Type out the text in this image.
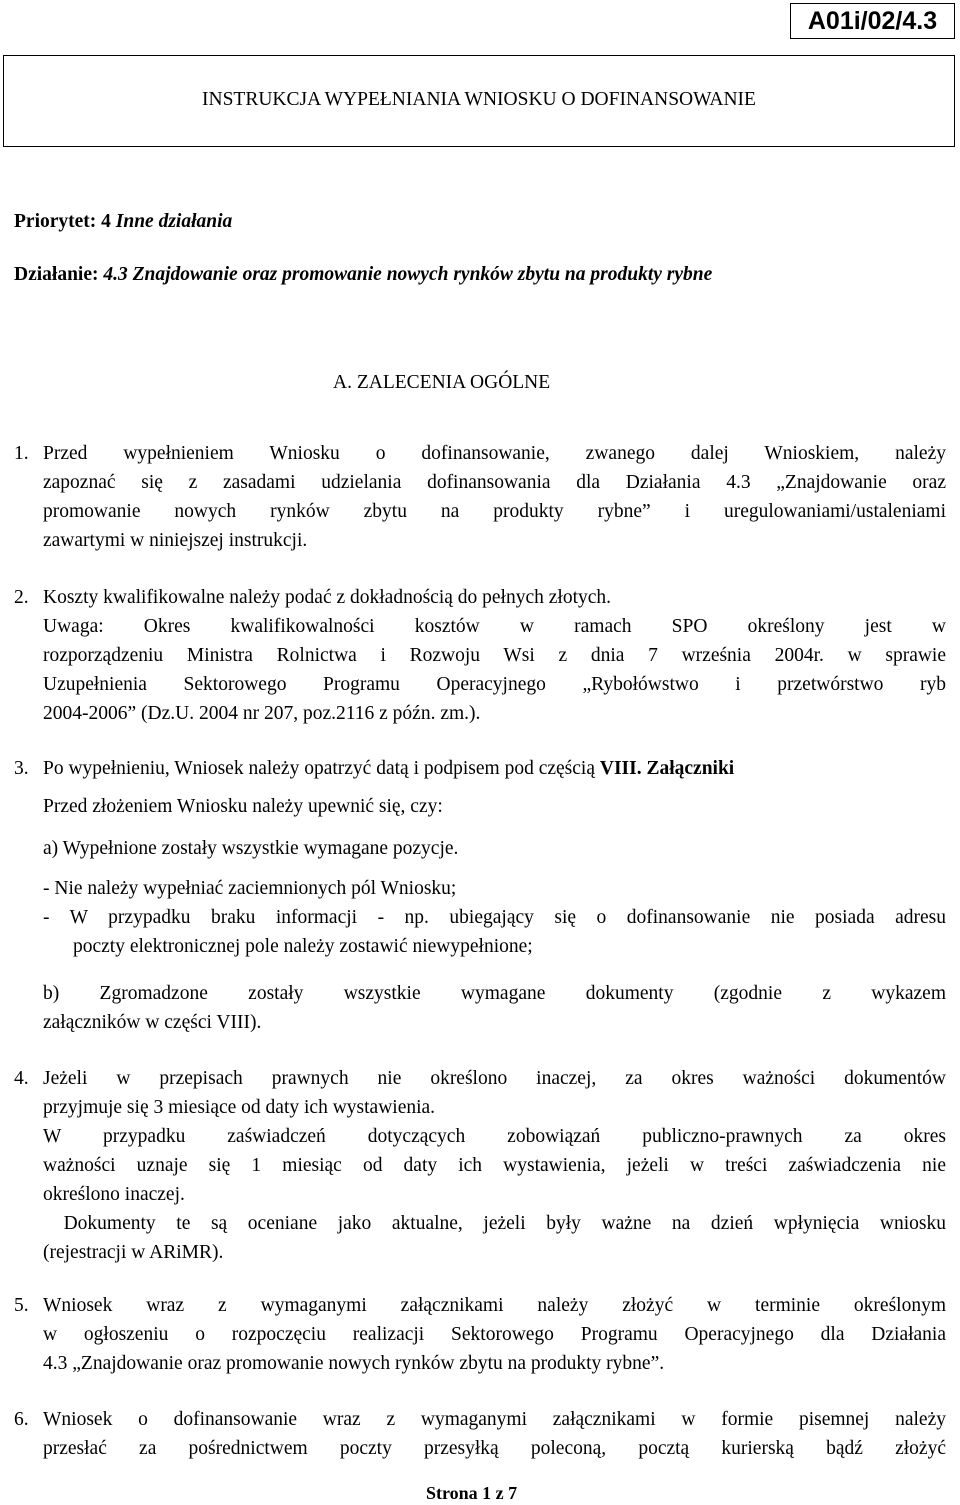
A01i/02/4.3
INSTRUKCJA WYPEŁNIANIA WNIOSKU O DOFINANSOWANIE
Priorytet: 4 Inne działania
Działanie: 4.3 Znajdowanie oraz promowanie nowych rynków zbytu na produkty rybne
A. ZALECENIA OGÓLNE
1. Przed wypełnieniem Wniosku o dofinansowanie, zwanego dalej Wnioskiem, należy
zapoznać się z zasadami udzielania dofinansowania dla Działania 4.3 „Znajdowanie oraz
promowanie nowych rynków zbytu na produkty rybne” i uregulowaniami/ustaleniami
zawartymi w niniejszej instrukcji.
2. Koszty kwalifikowalne należy podać z dokładnością do pełnych złotych.
Uwaga: Okres kwalifikowalności kosztów w ramach SPO określony jest w
rozporządzeniu Ministra Rolnictwa i Rozwoju Wsi z dnia 7 września 2004r. w sprawie
Uzupełnienia Sektorowego Programu Operacyjnego „Rybołówstwo i przetwórstwo ryb
2004-2006” (Dz.U. 2004 nr 207, poz.2116 z późn. zm.).
3. Po wypełnieniu, Wniosek należy opatrzyć datą i podpisem pod częścią VIII. Załączniki
Przed złożeniem Wniosku należy upewnić się, czy:
a) Wypełnione zostały wszystkie wymagane pozycje.
- Nie należy wypełniać zaciemnionych pól Wniosku;
- W przypadku braku informacji - np. ubiegający się o dofinansowanie nie posiada adresu
poczty elektronicznej pole należy zostawić niewypełnione;
b) Zgromadzone zostały wszystkie wymagane dokumenty (zgodnie z wykazem
załączników w części VIII).
4. Jeżeli w przepisach prawnych nie określono inaczej, za okres ważności dokumentów
przyjmuje się 3 miesiące od daty ich wystawienia.
W przypadku zaświadczeń dotyczących zobowiązań publiczno-prawnych za okres
ważności uznaje się 1 miesiąc od daty ich wystawienia, jeżeli w treści zaświadczenia nie
określono inaczej.
Dokumenty te są oceniane jako aktualne, jeżeli były ważne na dzień wpłynięcia wniosku
(rejestracji w ARiMR).
5. Wniosek wraz z wymaganymi załącznikami należy złożyć w terminie określonym
w ogłoszeniu o rozpoczęciu realizacji Sektorowego Programu Operacyjnego dla Działania
4.3 „Znajdowanie oraz promowanie nowych rynków zbytu na produkty rybne”.
6. Wniosek o dofinansowanie wraz z wymaganymi załącznikami w formie pisemnej należy
przesłać za pośrednictwem poczty przesyłką poleconą, pocztą kurierską bądź złożyć
Strona 1 z 7
